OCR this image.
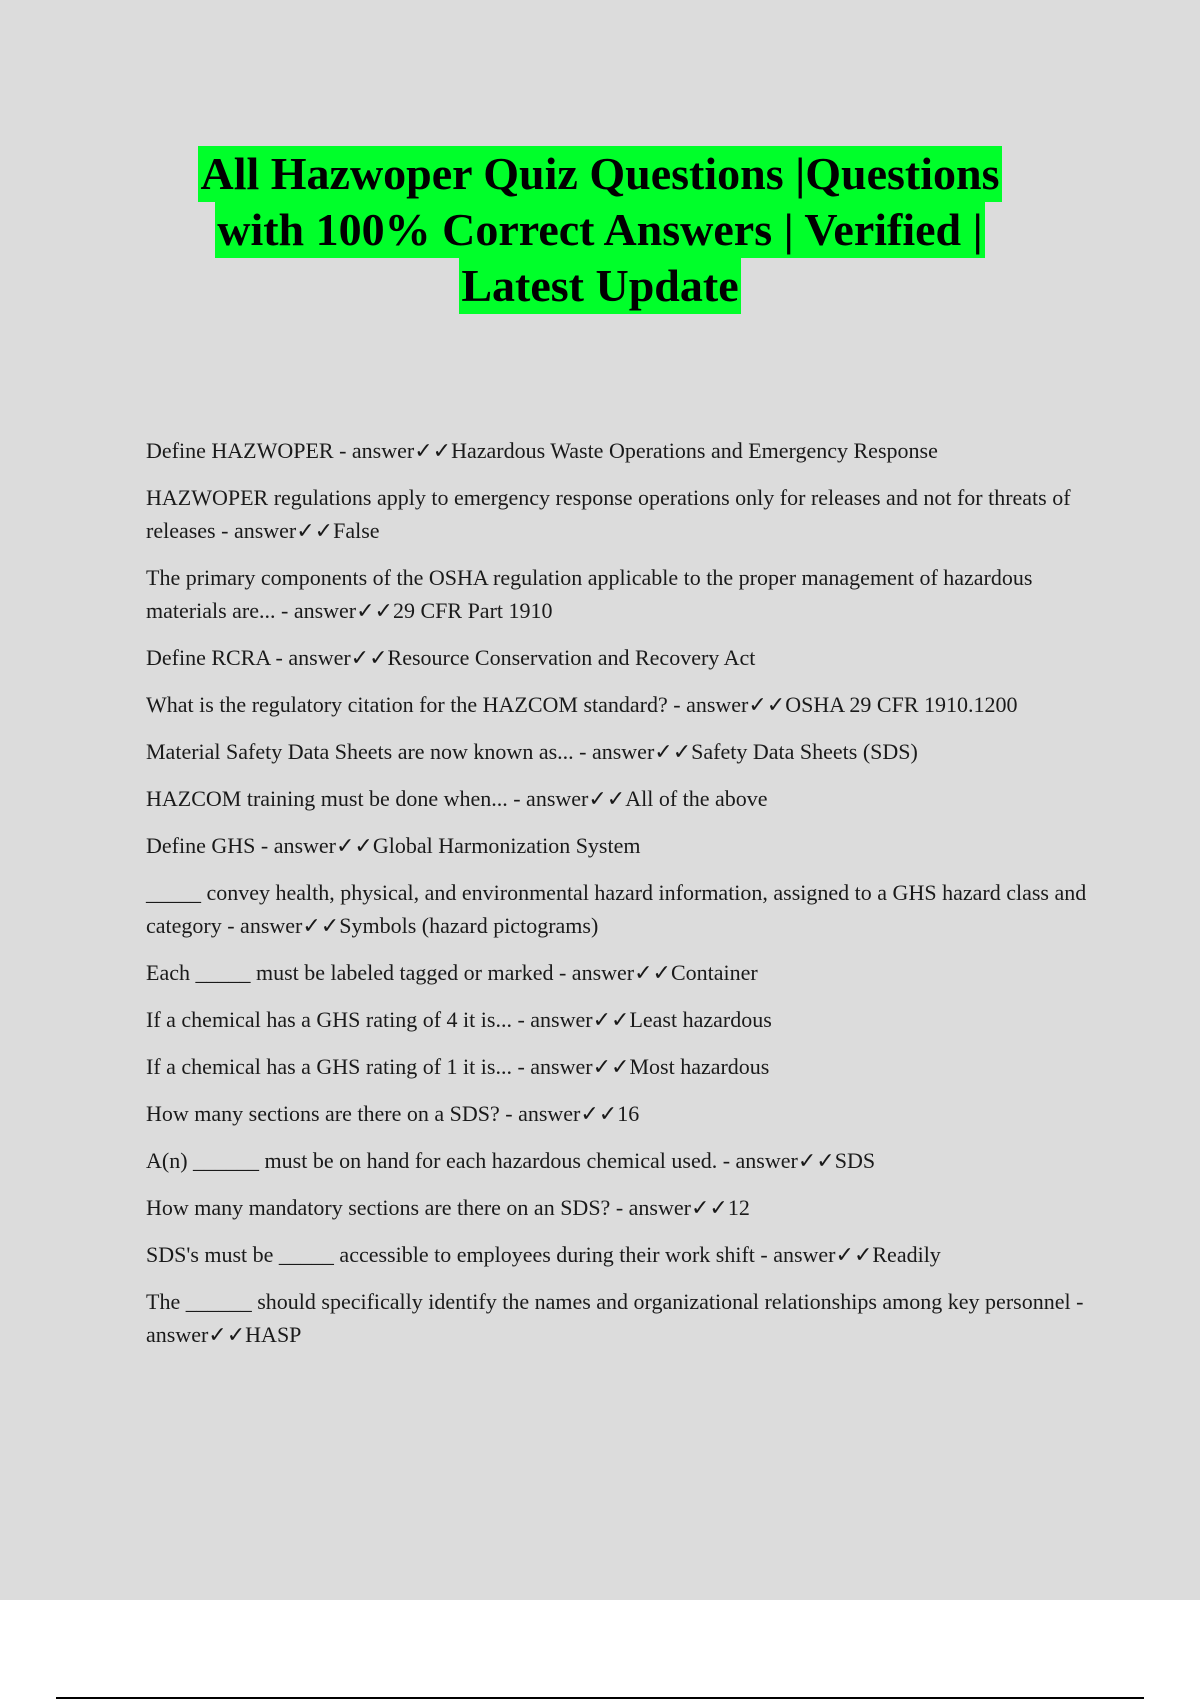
All Hazwoper Quiz Questions |Questions
with 100% Correct Answers | Verified |
Latest Update
Define HAZWOPER - answer✓✓Hazardous Waste Operations and Emergency Response
HAZWOPER regulations apply to emergency response operations only for releases and not for threats of releases - answer✓✓False
The primary components of the OSHA regulation applicable to the proper management of hazardous materials are... - answer✓✓29 CFR Part 1910
Define RCRA - answer✓✓Resource Conservation and Recovery Act
What is the regulatory citation for the HAZCOM standard? - answer✓✓OSHA 29 CFR 1910.1200
Material Safety Data Sheets are now known as... - answer✓✓Safety Data Sheets (SDS)
HAZCOM training must be done when... - answer✓✓All of the above
Define GHS - answer✓✓Global Harmonization System
_____ convey health, physical, and environmental hazard information, assigned to a GHS hazard class and category - answer✓✓Symbols (hazard pictograms)
Each _____ must be labeled tagged or marked - answer✓✓Container
If a chemical has a GHS rating of 4 it is... - answer✓✓Least hazardous
If a chemical has a GHS rating of 1 it is... - answer✓✓Most hazardous
How many sections are there on a SDS? - answer✓✓16
A(n) ______ must be on hand for each hazardous chemical used. - answer✓✓SDS
How many mandatory sections are there on an SDS? - answer✓✓12
SDS's must be _____ accessible to employees during their work shift - answer✓✓Readily
The ______ should specifically identify the names and organizational relationships among key personnel - answer✓✓HASP
